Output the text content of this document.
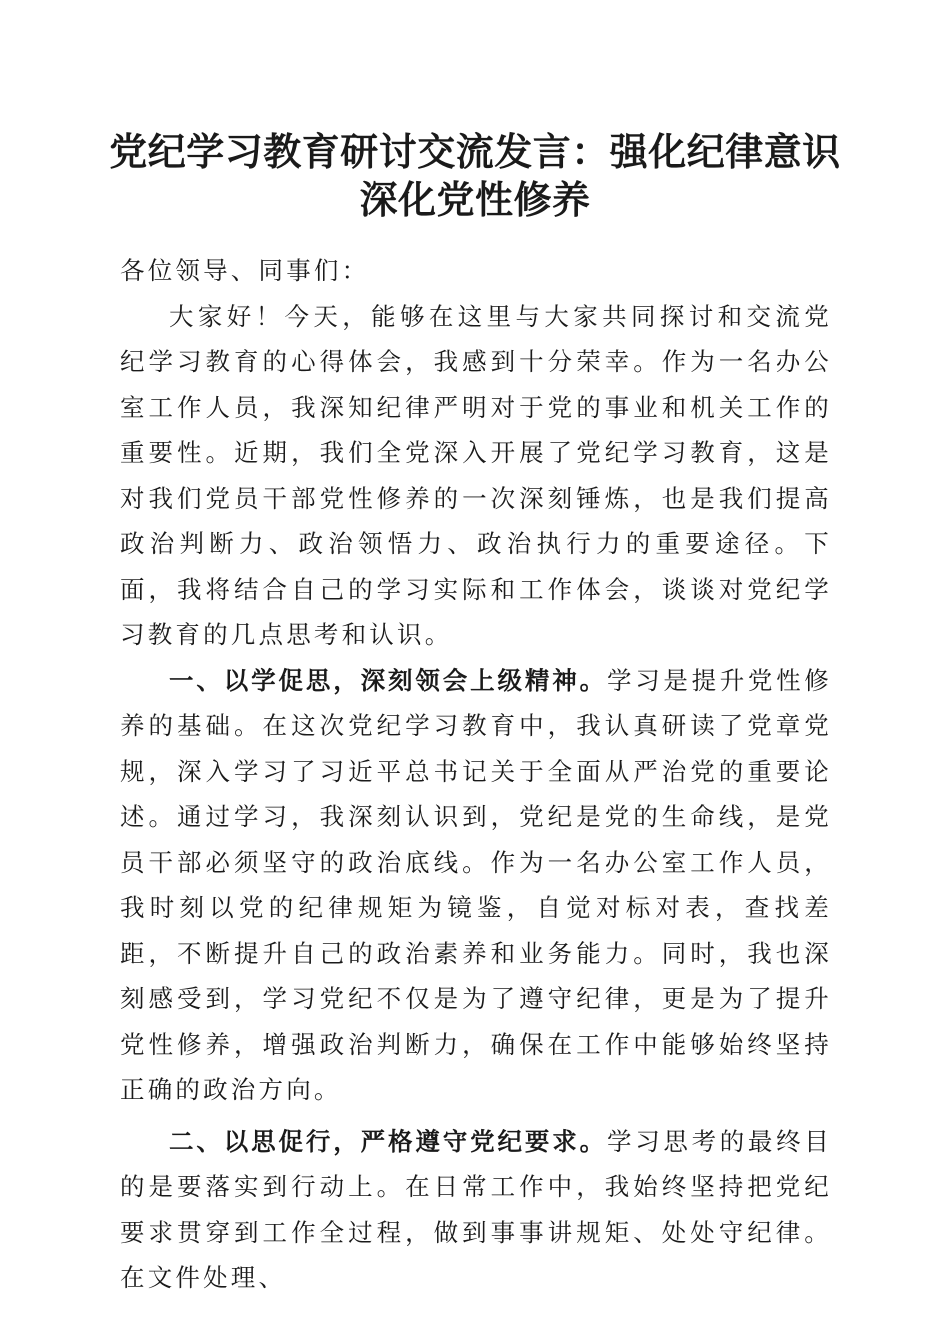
党纪学习教育研讨交流发言：强化纪律意识深化党性修养

各位领导、同事们：

大家好！今天，能够在这里与大家共同探讨和交流党纪学习教育的心得体会，我感到十分荣幸。作为一名办公室工作人员，我深知纪律严明对于党的事业和机关工作的重要性。近期，我们全党深入开展了党纪学习教育，这是对我们党员干部党性修养的一次深刻锤炼，也是我们提高政治判断力、政治领悟力、政治执行力的重要途径。下面，我将结合自己的学习实际和工作体会，谈谈对党纪学习教育的几点思考和认识。

一、以学促思，深刻领会上级精神。学习是提升党性修养的基础。在这次党纪学习教育中，我认真研读了党章党规，深入学习了习近平总书记关于全面从严治党的重要论述。通过学习，我深刻认识到，党纪是党的生命线，是党员干部必须坚守的政治底线。作为一名办公室工作人员，我时刻以党的纪律规矩为镜鉴，自觉对标对表，查找差距，不断提升自己的政治素养和业务能力。同时，我也深刻感受到，学习党纪不仅是为了遵守纪律，更是为了提升党性修养，增强政治判断力，确保在工作中能够始终坚持正确的政治方向。

二、以思促行，严格遵守党纪要求。学习思考的最终目的是要落实到行动上。在日常工作中，我始终坚持把党纪要求贯穿到工作全过程，做到事事讲规矩、处处守纪律。在文件处理、
